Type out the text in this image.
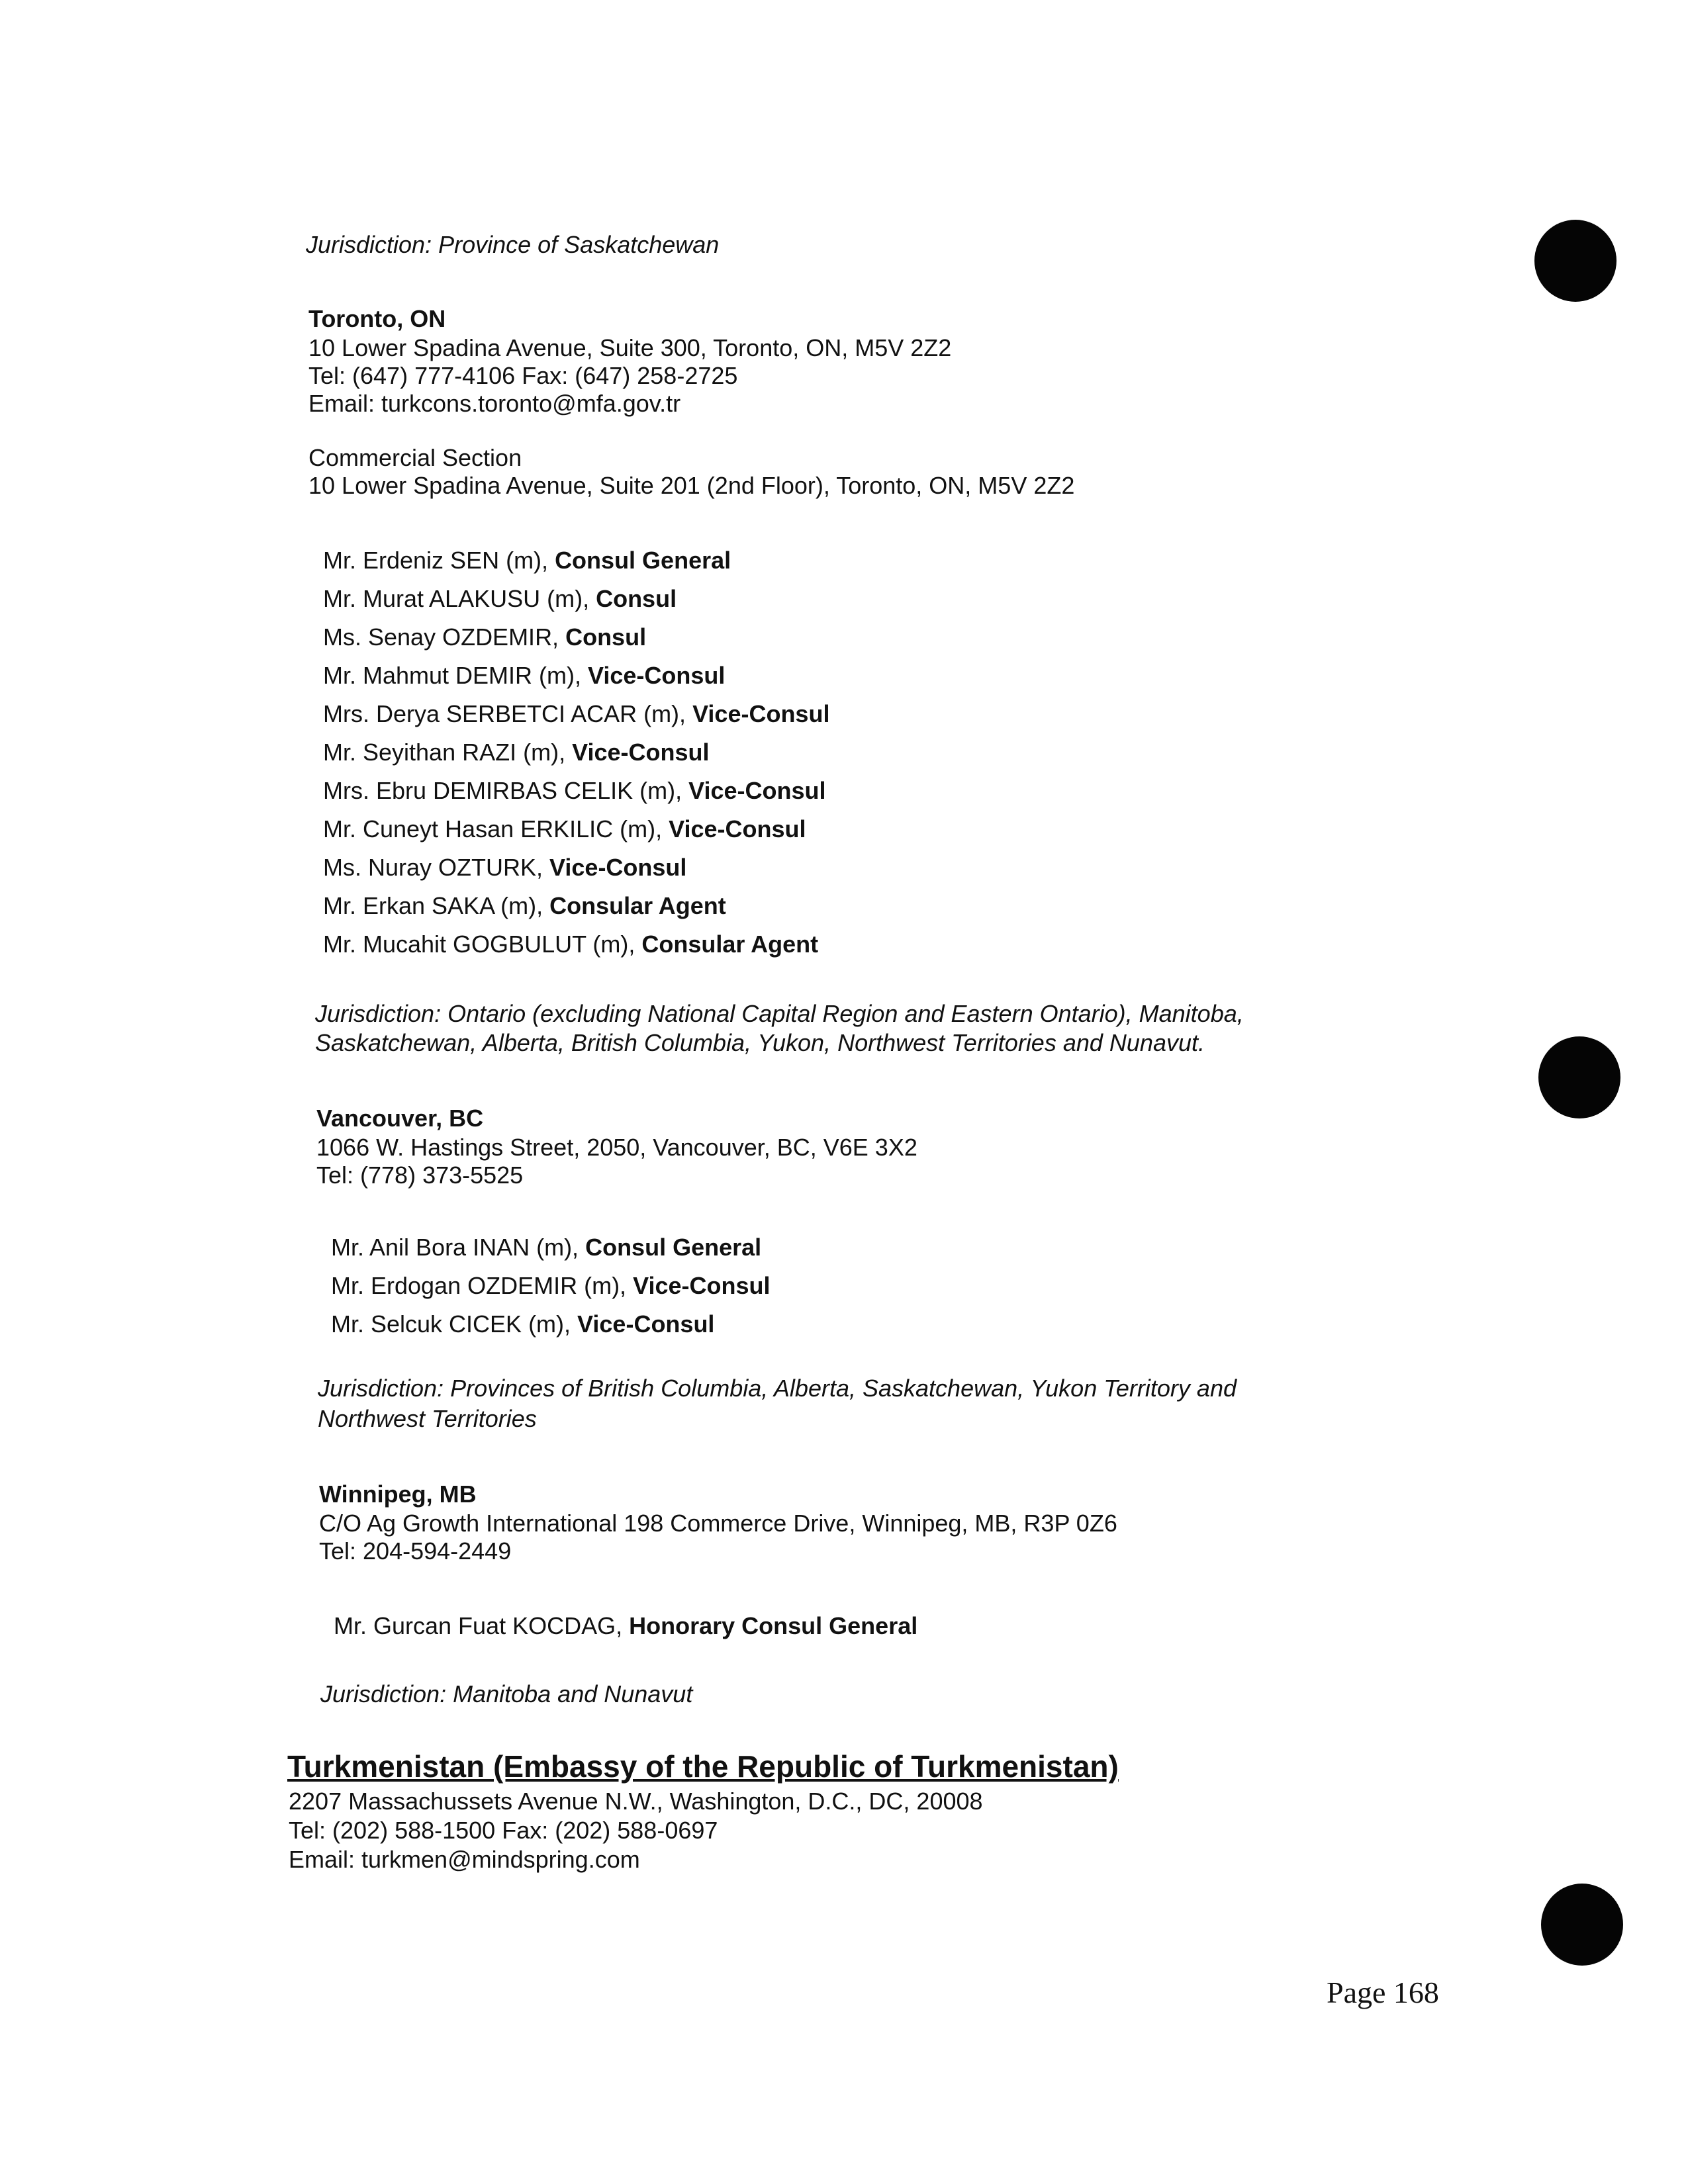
Jurisdiction: Province of Saskatchewan
Toronto, ON
10 Lower Spadina Avenue, Suite 300, Toronto, ON, M5V 2Z2
Tel: (647) 777-4106 Fax: (647) 258-2725
Email: turkcons.toronto@mfa.gov.tr
Commercial Section
10 Lower Spadina Avenue, Suite 201 (2nd Floor), Toronto, ON, M5V 2Z2
Mr. Erdeniz SEN (m), Consul General
Mr. Murat ALAKUSU (m), Consul
Ms. Senay OZDEMIR, Consul
Mr. Mahmut DEMIR (m), Vice-Consul
Mrs. Derya SERBETCI ACAR (m), Vice-Consul
Mr. Seyithan RAZI (m), Vice-Consul
Mrs. Ebru DEMIRBAS CELIK (m), Vice-Consul
Mr. Cuneyt Hasan ERKILIC (m), Vice-Consul
Ms. Nuray OZTURK, Vice-Consul
Mr. Erkan SAKA (m), Consular Agent
Mr. Mucahit GOGBULUT (m), Consular Agent
Jurisdiction: Ontario (excluding National Capital Region and Eastern Ontario), Manitoba,
Saskatchewan, Alberta, British Columbia, Yukon, Northwest Territories and Nunavut.
Vancouver, BC
1066 W. Hastings Street, 2050, Vancouver, BC, V6E 3X2
Tel: (778) 373-5525
Mr. Anil Bora INAN (m), Consul General
Mr. Erdogan OZDEMIR (m), Vice-Consul
Mr. Selcuk CICEK (m), Vice-Consul
Jurisdiction: Provinces of British Columbia, Alberta, Saskatchewan, Yukon Territory and
Northwest Territories
Winnipeg, MB
C/O Ag Growth International 198 Commerce Drive, Winnipeg, MB, R3P 0Z6
Tel: 204-594-2449
Mr. Gurcan Fuat KOCDAG, Honorary Consul General
Jurisdiction: Manitoba and Nunavut
Turkmenistan (Embassy of the Republic of Turkmenistan)
2207 Massachussets Avenue N.W., Washington, D.C., DC, 20008
Tel: (202) 588-1500 Fax: (202) 588-0697
Email: turkmen@mindspring.com
Page 168
